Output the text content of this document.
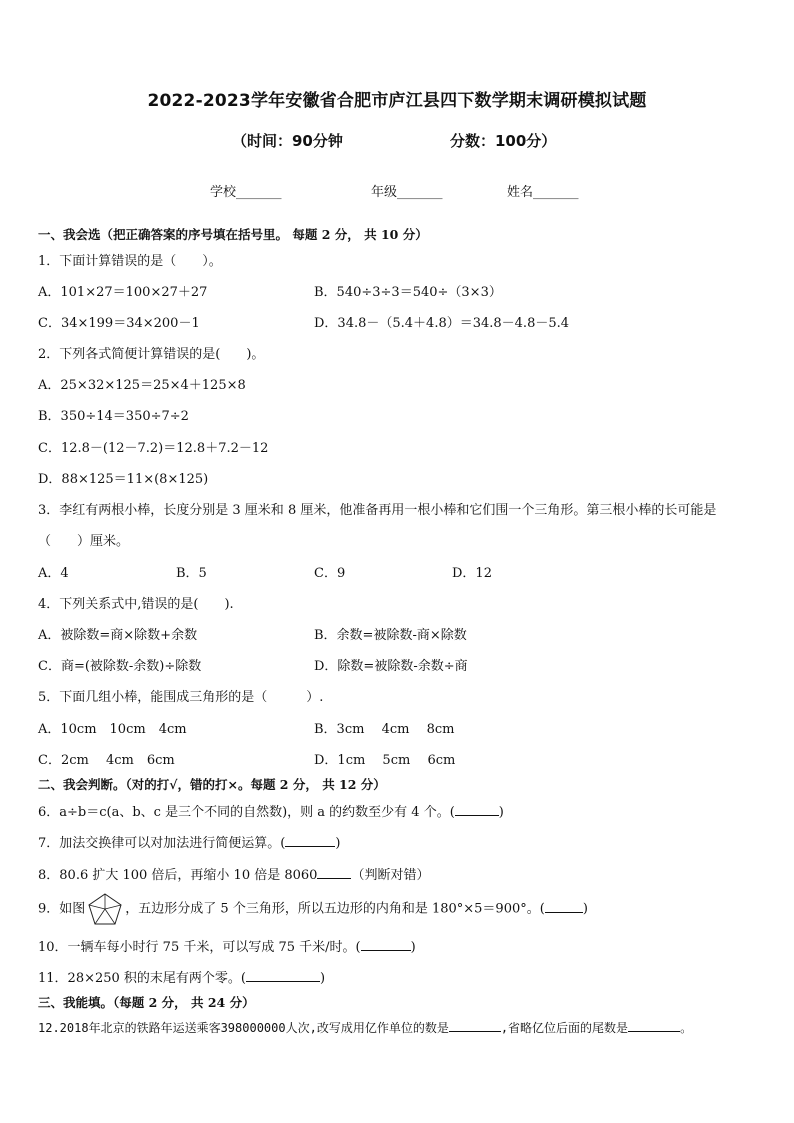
2022-2023学年安徽省合肥市庐江县四下数学期末调研模拟试题
（时间：90分钟	分数：100分）
学校_______	年级_______	姓名_______
一、我会选（把正确答案的序号填在括号里。 每题 2 分， 共 10 分）
1．下面计算错误的是（　　）。
A．101×27＝100×27＋27	B．540÷3÷3＝540÷（3×3）
C．34×199＝34×200－1	D．34.8－（5.4＋4.8）＝34.8－4.8－5.4
2．下列各式简便计算错误的是(　　)。
A．25×32×125＝25×4＋125×8
B．350÷14＝350÷7÷2
C．12.8－(12－7.2)＝12.8＋7.2－12
D．88×125＝11×(8×125)
3．李红有两根小棒，长度分别是 3 厘米和 8 厘米，他准备再用一根小棒和它们围一个三角形。第三根小棒的长可能是
（　　）厘米。
A．4	B．5	C．9	D．12
4．下列关系式中,错误的是(　　).
A．被除数=商×除数+余数	B．余数=被除数-商×除数
C．商=(被除数-余数)÷除数	D．除数=被除数-余数÷商
5．下面几组小棒，能围成三角形的是（　　　）.
A．10cm　10cm　4cm	B．3cm　 4cm　 8cm
C．2cm　 4cm　6cm	D．1cm　 5cm　 6cm
二、我会判断。（对的打√，错的打×。每题 2 分， 共 12 分）
6．a÷b＝c(a、b、c 是三个不同的自然数)，则 a 的约数至少有 4 个。(	)
7．加法交换律可以对加法进行简便运算。(	)
8．80.6 扩大 100 倍后，再缩小 10 倍是 8060	（判断对错）
9．如图	，五边形分成了 5 个三角形，所以五边形的内角和是 180°×5＝900°。(	)
10．一辆车每小时行 75 千米，可以写成 75 千米/时。(	)
11．28×250 积的末尾有两个零。(	)
三、我能填。（每题 2 分， 共 24 分）
12.2018年北京的铁路年运送乘客398000000人次,改写成用亿作单位的数是	,省略亿位后面的尾数是	。
